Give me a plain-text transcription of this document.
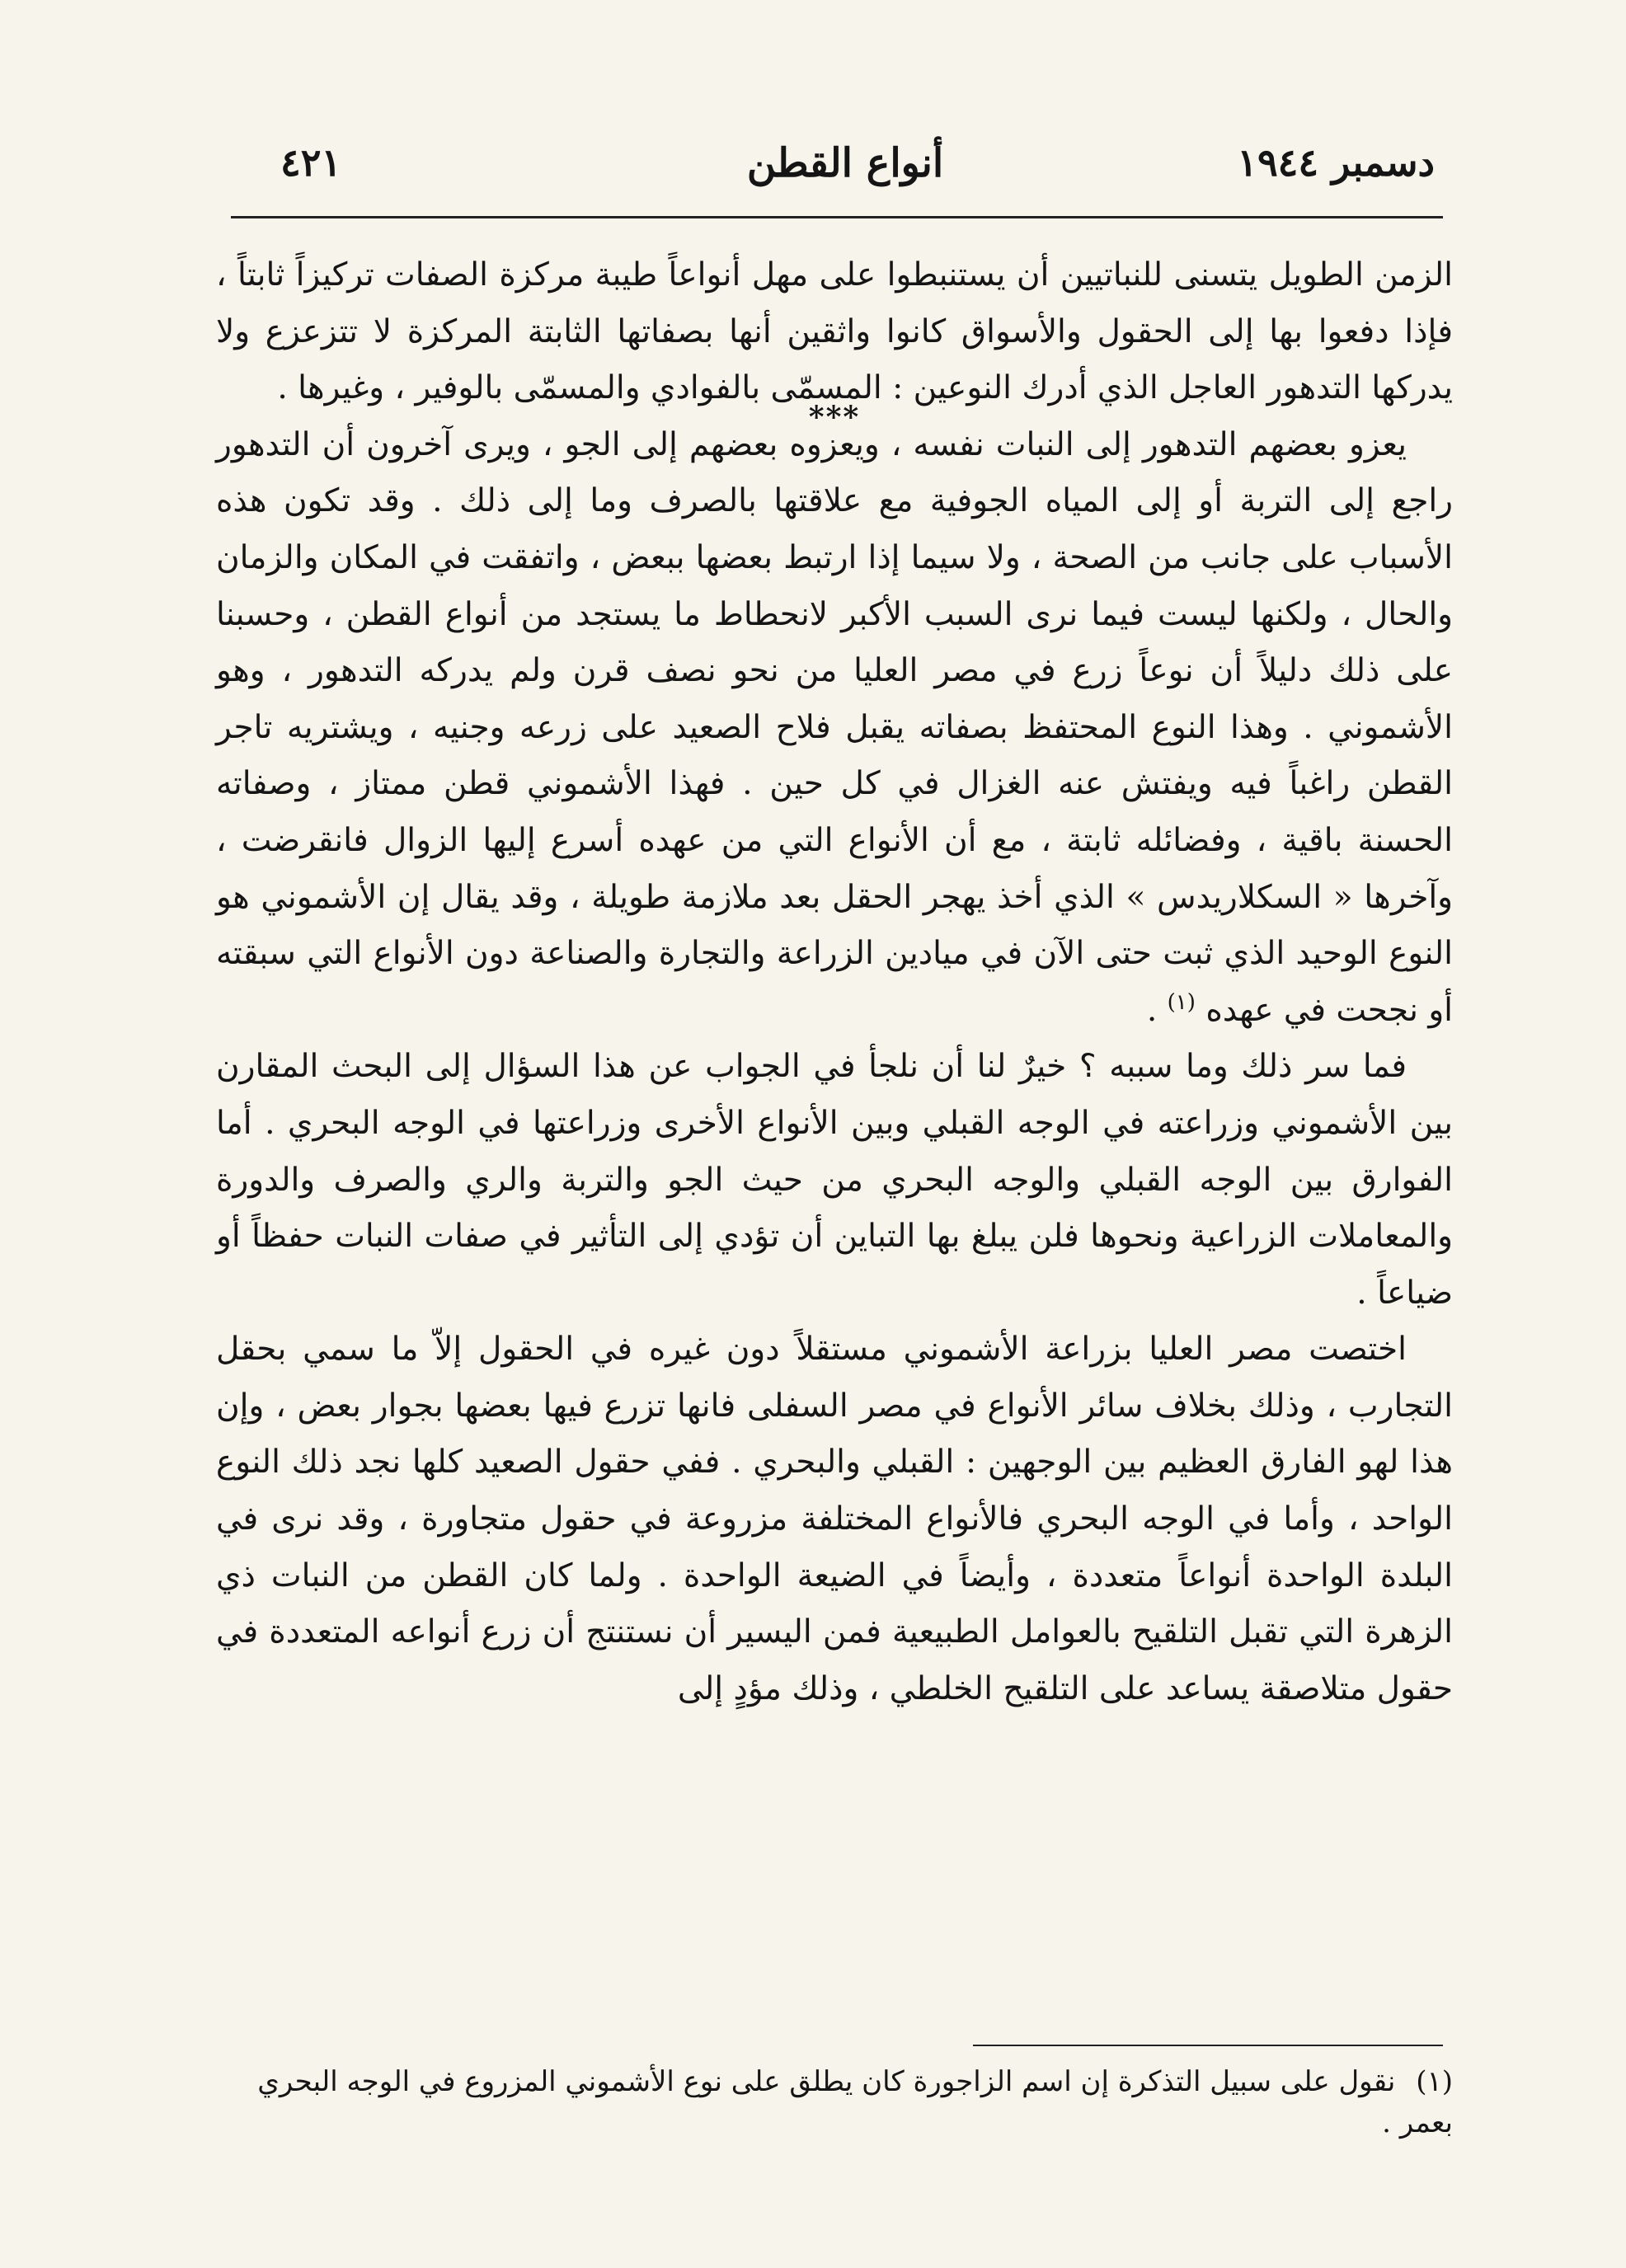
دسمبر ١٩٤٤
أنواع القطن
٤٢١

الزمن الطويل يتسنى للنباتيين أن يستنبطوا على مهل أنواعاً طيبة مركزة الصفات تركيزاً ثابتاً ، فإذا دفعوا بها إلى الحقول والأسواق كانوا واثقين أنها بصفاتها الثابتة المركزة لا تتزعزع ولا يدركها التدهور العاجل الذي أدرك النوعين : المسمّى بالفوادي والمسمّى بالوفير ، وغيرها .

***

يعزو بعضهم التدهور إلى النبات نفسه ، ويعزوه بعضهم إلى الجو ، ويرى آخرون أن التدهور راجع إلى التربة أو إلى المياه الجوفية مع علاقتها بالصرف وما إلى ذلك . وقد تكون هذه الأسباب على جانب من الصحة ، ولا سيما إذا ارتبط بعضها ببعض ، واتفقت في المكان والزمان والحال ، ولكنها ليست فيما نرى السبب الأكبر لانحطاط ما يستجد من أنواع القطن ، وحسبنا على ذلك دليلاً أن نوعاً زرع في مصر العليا من نحو نصف قرن ولم يدركه التدهور ، وهو الأشموني . وهذا النوع المحتفظ بصفاته يقبل فلاح الصعيد على زرعه وجنيه ، ويشتريه تاجر القطن راغباً فيه ويفتش عنه الغزال في كل حين . فهذا الأشموني قطن ممتاز ، وصفاته الحسنة باقية ، وفضائله ثابتة ، مع أن الأنواع التي من عهده أسرع إليها الزوال فانقرضت ، وآخرها « السكلاريدس » الذي أخذ يهجر الحقل بعد ملازمة طويلة ، وقد يقال إن الأشموني هو النوع الوحيد الذي ثبت حتى الآن في ميادين الزراعة والتجارة والصناعة دون الأنواع التي سبقته أو نجحت في عهده $^{(١)}$ .

فما سر ذلك وما سببه ؟ خيرٌ لنا أن نلجأ في الجواب عن هذا السؤال إلى البحث المقارن بين الأشموني وزراعته في الوجه القبلي وبين الأنواع الأخرى وزراعتها في الوجه البحري . أما الفوارق بين الوجه القبلي والوجه البحري من حيث الجو والتربة والري والصرف والدورة والمعاملات الزراعية ونحوها فلن يبلغ بها التباين أن تؤدي إلى التأثير في صفات النبات حفظاً أو ضياعاً .

اختصت مصر العليا بزراعة الأشموني مستقلاً دون غيره في الحقول إلاّ ما سمي بحقل التجارب ، وذلك بخلاف سائر الأنواع في مصر السفلى فانها تزرع فيها بعضها بجوار بعض ، وإن هذا لهو الفارق العظيم بين الوجهين : القبلي والبحري . ففي حقول الصعيد كلها نجد ذلك النوع الواحد ، وأما في الوجه البحري فالأنواع المختلفة مزروعة في حقول متجاورة ، وقد نرى في البلدة الواحدة أنواعاً متعددة ، وأيضاً في الضيعة الواحدة . ولما كان القطن من النبات ذي الزهرة التي تقبل التلقيح بالعوامل الطبيعية فمن اليسير أن نستنتج أن زرع أنواعه المتعددة في حقول متلاصقة يساعد على التلقيح الخلطي ، وذلك مؤدٍ إلى

(١) نقول على سبيل التذكرة إن اسم الزاجورة كان يطلق على نوع الأشموني المزروع في الوجه البحري بعمر .
